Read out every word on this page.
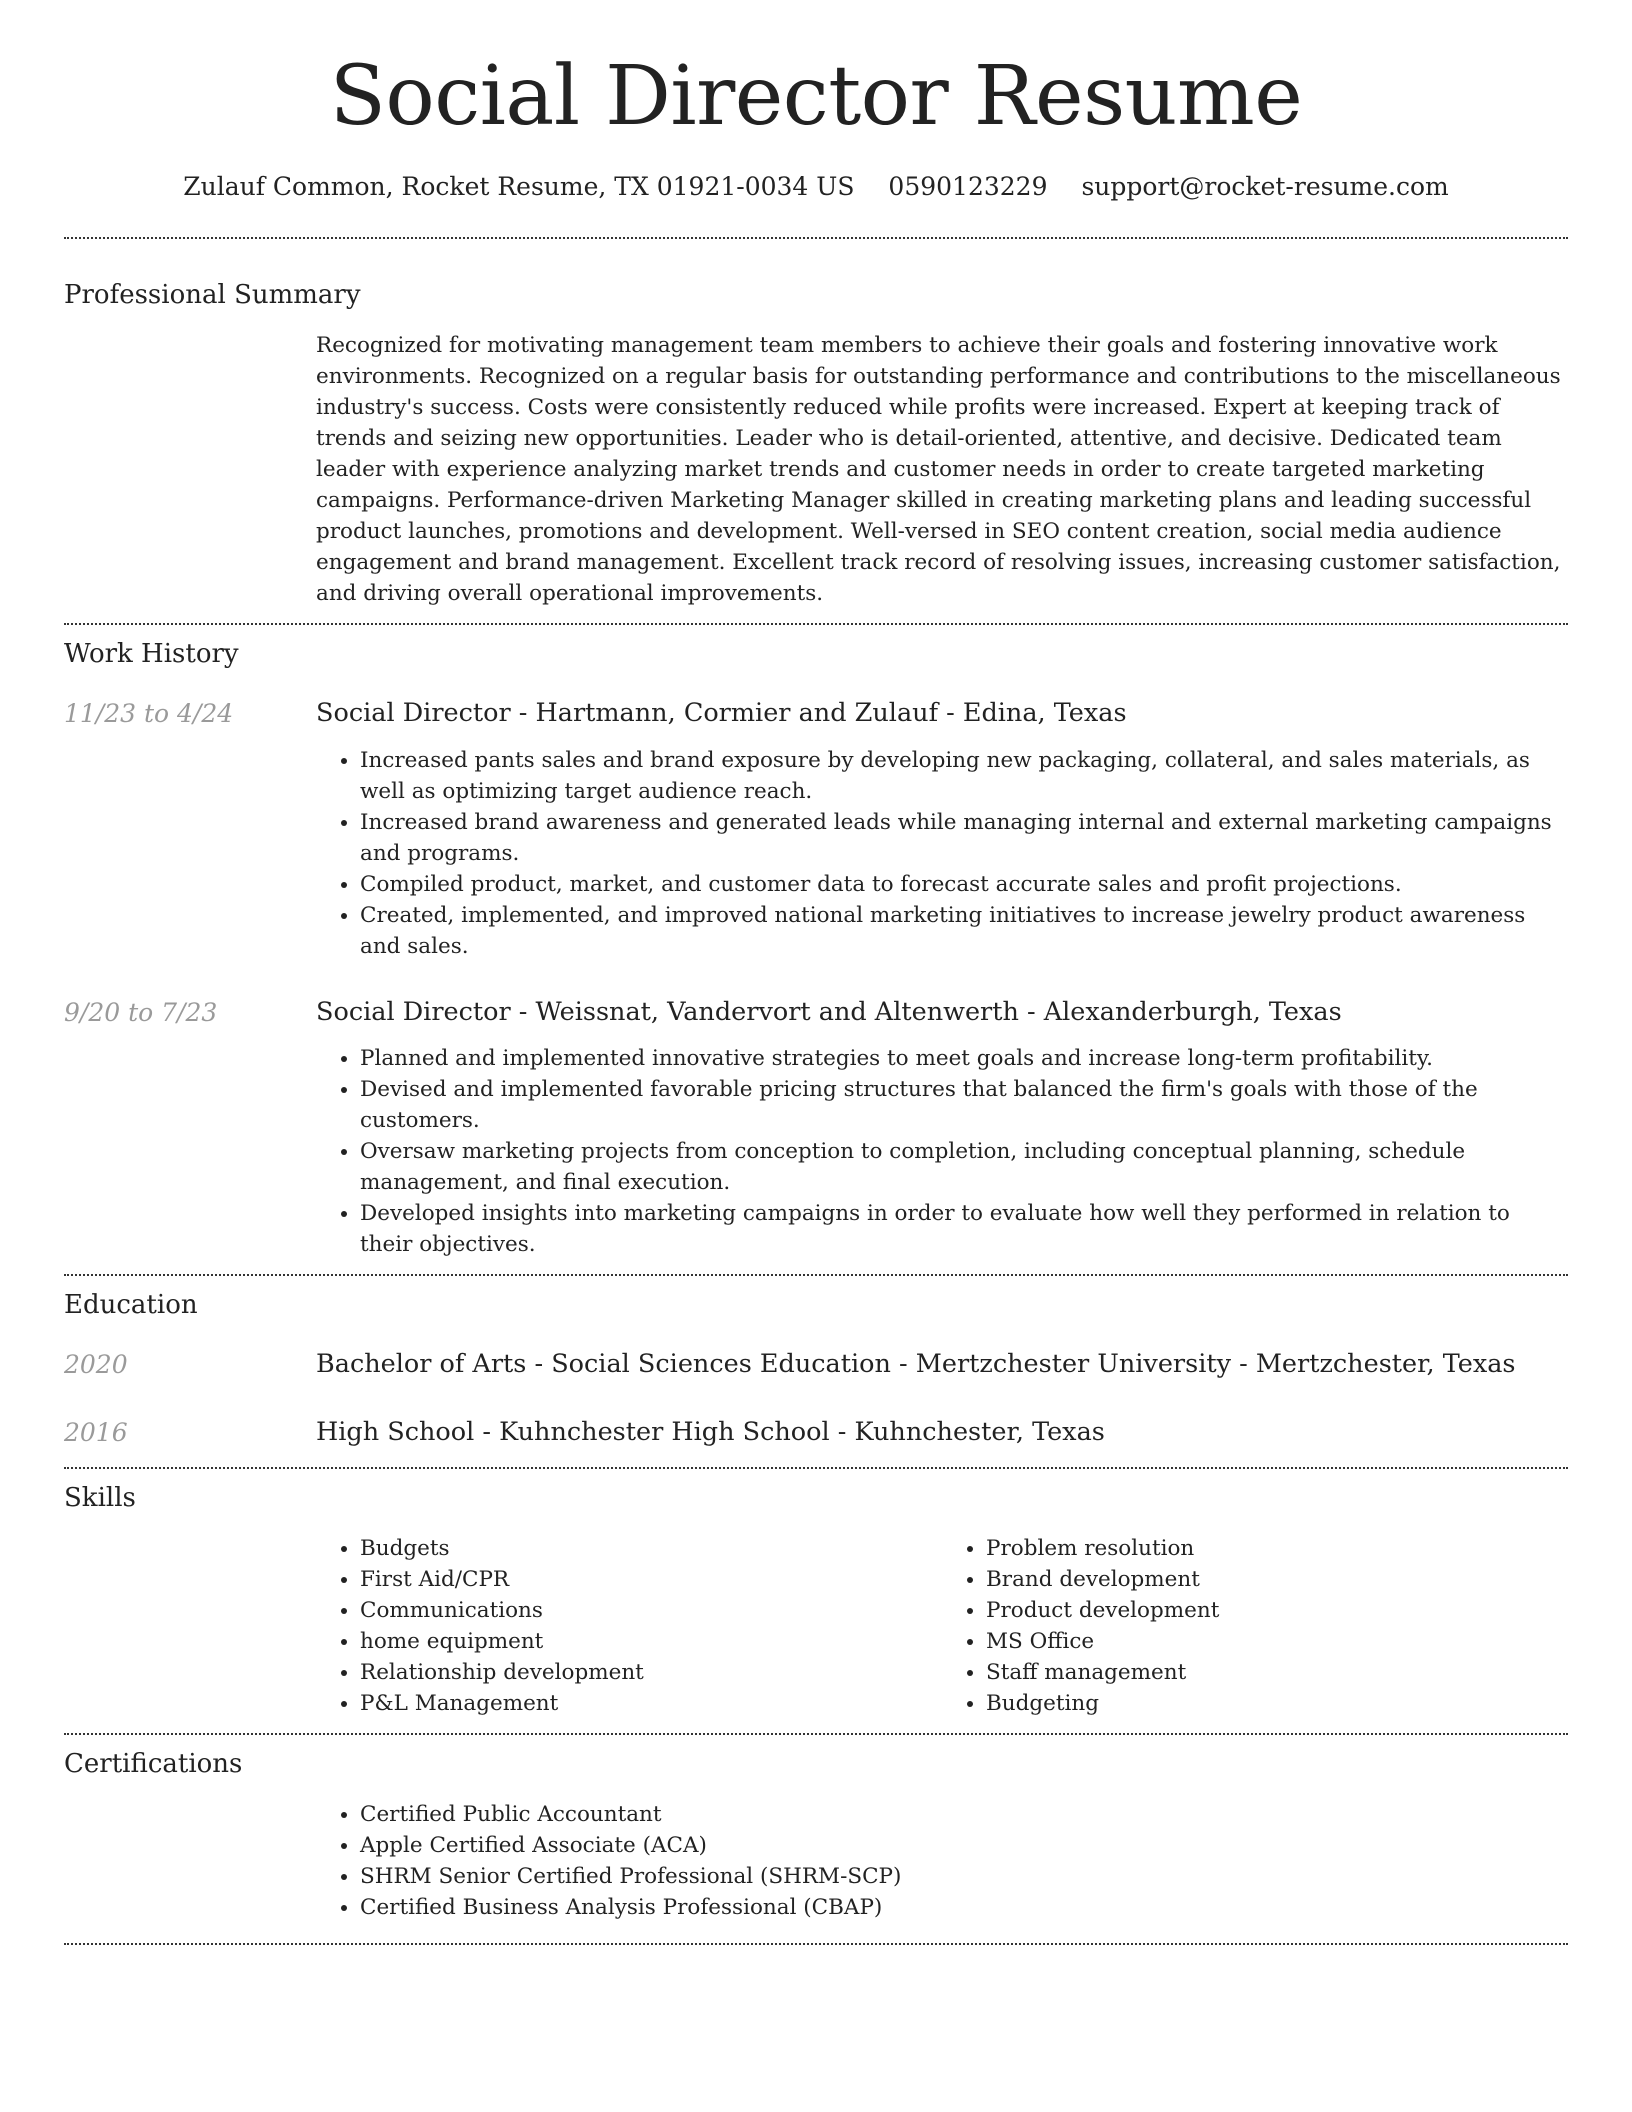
Social Director Resume
Zulauf Common, Rocket Resume, TX 01921-0034 US 0590123229 support@rocket-resume.com
Professional Summary

Recognized for motivating management team members to achieve their goals and fostering innovative work environments. Recognized on a regular basis for outstanding performance and contributions to the miscellaneous industry's success. Costs were consistently reduced while profits were increased. Expert at keeping track of trends and seizing new opportunities. Leader who is detail-oriented, attentive, and decisive. Dedicated team leader with experience analyzing market trends and customer needs in order to create targeted marketing campaigns. Performance-driven Marketing Manager skilled in creating marketing plans and leading successful product launches, promotions and development. Well-versed in SEO content creation, social media audience engagement and brand management. Excellent track record of resolving issues, increasing customer satisfaction, and driving overall operational improvements.

Work History
11/23 to 4/24	Social Director - Hartmann, Cormier and Zulauf - Edina, Texas
• Increased pants sales and brand exposure by developing new packaging, collateral, and sales materials, as well as optimizing target audience reach.
• Increased brand awareness and generated leads while managing internal and external marketing campaigns and programs.
• Compiled product, market, and customer data to forecast accurate sales and profit projections.
• Created, implemented, and improved national marketing initiatives to increase jewelry product awareness and sales.
9/20 to 7/23	Social Director - Weissnat, Vandervort and Altenwerth - Alexanderburgh, Texas
• Planned and implemented innovative strategies to meet goals and increase long-term profitability.
• Devised and implemented favorable pricing structures that balanced the firm's goals with those of the customers.
• Oversaw marketing projects from conception to completion, including conceptual planning, schedule management, and final execution.
• Developed insights into marketing campaigns in order to evaluate how well they performed in relation to their objectives.
Education
2020	Bachelor of Arts - Social Sciences Education - Mertzchester University - Mertzchester, Texas
2016	High School - Kuhnchester High School - Kuhnchester, Texas
Skills
• Budgets
• First Aid/CPR
• Communications
• home equipment
• Relationship development
• P&L Management
• Problem resolution
• Brand development
• Product development
• MS Office
• Staff management
• Budgeting
Certifications
• Certified Public Accountant
• Apple Certified Associate (ACA)
• SHRM Senior Certified Professional (SHRM-SCP)
• Certified Business Analysis Professional (CBAP)
